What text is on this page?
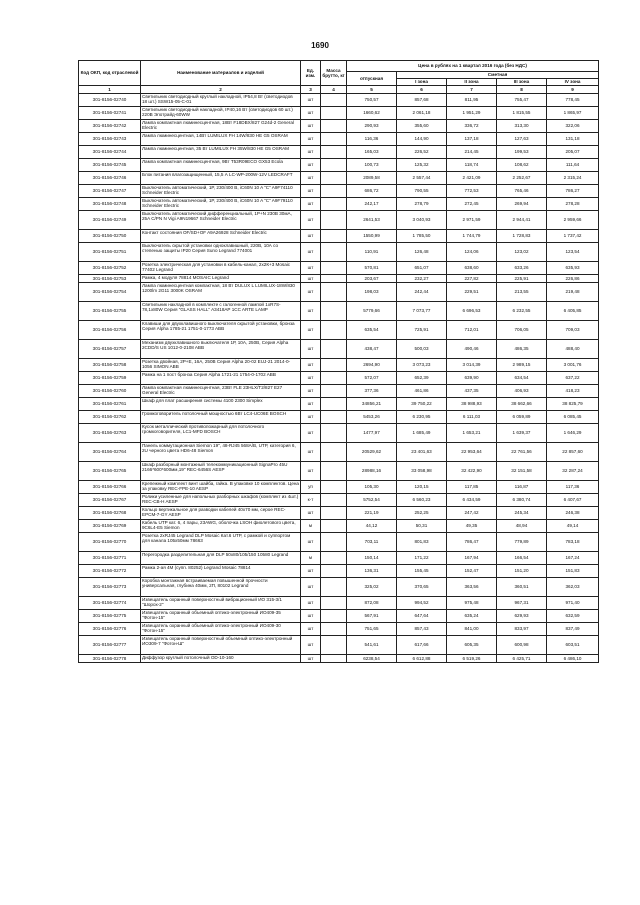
1690
Код ОКП, код отраслевой	Наименование материалов и изделий	Ед. изм.	Масса брутто, кг	Цена в рублях на 1 квартал 2016 года (без НДС)				
				отпускная	Сметная			
					I зона	II зона	III зона	IV зона
1	2	3	4	5	6	7	8	9
301-8156-02740	Светильник светодиодный круглый накладной, IP54,8 Вт (светодиодов 18 шт.) SSW15-05-C-01	шт		750,57	857,68	811,95	755,47	778,45
301-8156-02741	Светильник светодиодный накладной, IP40,16 Вт (светодиодов 60 шт.) 220В Эпотрайд-60WW	шт		1660,62	2 061,18	1 951,29	1 815,55	1 865,97
301-8156-02742	Лампа компактная люминесцентная, 18Вт F18DBX/827 G24d-2 General Electric	шт		290,93	355,60	336,72	313,30	322,06
301-8156-02743	Лампа люминесцентная, 14Вт LUMILUX FH 14W/830 HE G5 OSRAM	шт		116,36	144,90	137,18	127,63	131,18
301-8156-02744	Лампа люминесцентная, 35 Вт LUMILUX FH 35W/830 HE G5 OSRAM	шт		165,03	226,52	214,45	199,53	205,07
301-8156-02745	Лампа компактная люминесцентная, 9Вт T53R09ECO GX53 Ecola	шт		100,73	125,32	118,74	108,62	111,64
301-8156-02746	Блок питания влагозащищенный, 15,5 А LC-WP-200W-12V LEDCRAFT	шт		2089,58	2 557,44	2 421,09	2 252,67	2 315,24
301-8156-02747	Выключатель автоматический, 1P, 230/400 В, iC60N 10 A "C" A9F74110 Schneider Electric	шт		686,72	790,55	772,53	765,46	786,27
301-8156-02748	Выключатель автоматический, 1P, 230/400 В, iC60N 10 A "C" A9F79110 Schneider Electric	шт		242,17	278,79	272,45	269,94	278,28
301-8156-02749	Выключатель автоматический дифференциальный, 1P+N 230В 30мА, 25A C/PN N Vigi A9N19667 Schneider Electric	шт		2641,53	3 040,93	2 971,59	2 944,41	2 959,66
301-8156-02750	Контакт состояния OF/SD+OF A9A26928 Schneider Electric	шт		1550,99	1 785,50	1 744,79	1 728,83	1 737,42
301-8156-02751	Выключатель скрытой установки одноклавишный, 220В, 10А со степенью защиты IP20 Серия Suno Legrand 774001	шт		110,91	126,48	124,06	123,02	123,54
301-8156-02752	Розетка электрическая для установки в кабель-канал, 2х2К+3 Mosaic 77402 Legrand	шт		570,81	651,07	638,60	633,26	635,93
301-8156-02753	Рамка, 4 модуля 78814 MOSAIC Legrand	шт		203,67	232,27	227,82	225,91	226,86
301-8156-02754	Лампа люминесцентная компактная, 18 Вт DULUX L LUMILUX-18W/830 1200lm 2G11 3000K OSRAM	шт		198,03	242,44	229,51	213,55	219,48
301-8156-02755	Светильник накладной в комплекте с галогенной лампой 1хR7S-78,1х80W Серия "GLASS HALL" A3418AP 1CC ARTE LAMP	шт		5779,66	7 073,77	6 696,53	6 232,55	6 405,85
301-8156-02756	Клавиши для двухклавишного выключателя скрытой установки, бронза Серия Alpha 1785-21 1751-0-1773 ABB	шт		635,54	725,91	712,01	706,05	709,03
301-8156-02757	Механизм двухклавишного выключателя 1Р, 10А, 250В, Серия Alpha 2CDD/S US 1012-0-2108 ABB	шт		438,47	500,03	490,46	486,35	488,40
301-8156-02758	Розетка двойная, 2Р+Е, 16А, 250В Серия Alpha 20-02 EUJ-21 2014-0-1056 SIMON ABB	шт		2694,90	3 073,23	3 014,39	2 989,15	3 001,76
301-8156-02759	Рамка на 1 пост бронза Серия Alpha 1721-21 1754-0-1702 ABB	шт		572,07	652,39	639,90	634,54	637,22
301-8156-02760	Лампа компактная люминесцентная, 23Вт FLE 23HLX/T2/827 E27 General Electric	шт		377,36	461,86	437,35	406,93	418,23
301-8156-02761	Шкаф для плат расширения системы 4100 2300 Simplex	шт		34856,21	39 750,22	38 988,93	38 662,66	38 825,79
301-8156-02762	Громкоговоритель потолочный мощностью 6Вт LC4-UC06E BOSCH	шт		5453,26	6 230,95	6 111,03	6 059,89	6 085,45
301-8156-02763	Кусок металлический противопожарный для потолочного громкоговорителя, LC1-MFD BOSCH	шт		1477,97	1 685,49	1 653,21	1 639,37	1 646,29
301-8156-02764	Панель коммутационная Siemon 19", 48-RJ45 568A/B, UTP, категория 6, 2U черного цвета HD6-48 Siemon	шт		20529,62	23 401,63	22 953,64	22 761,56	22 857,60
301-8156-02765	Шкаф разборный монтажный телекоммуникационный SignaPro 45U 2166*600*600мм,19" REC-6456S AESP	шт		28988,16	33 058,98	32 422,90	32 151,58	32 287,24
301-8156-02766	Крепежный комплект винт шайба, гайка. В упаковке 10 комплектов. Цена за упаковку REC-FPE-10 AESP	уп		105,30	120,15	117,85	116,87	117,36
301-8156-02767	Ролики усиленные для напольных разборных шкафов (комплект из 4шт.) REC-CB-H AESP	к-т		5752,54	6 560,23	6 434,59	6 380,74	6 407,67
301-8156-02768	Кольцо вертикальное для разводки кабелей 40х70 мм, серое REC-EPCM-7-GY AESP	шт		221,19	252,25	247,42	245,34	246,38
301-8156-02769	Кабель UTP кат. 6, 4 пары, 23AWG, оболочка LSOH фиолетового цвета, 9C6L4-E5 Siemon	м		44,12	50,31	49,35	48,94	49,14
301-8156-02770	Розетка 2хRJ45 Legrand DLP Mosaic Кат.6 UTP, с рамкой и суппортом для канала 105х50мм 78663	шт		703,11	801,83	786,47	779,89	783,18
301-8156-02771	Перегородка разделительная для DLP 50х80/105/150 10580 Legrand	м		150,14	171,22	167,94	166,54	167,24
301-8156-02772	Рамка 2-ая 4М (супп. 80252) Legrand Mosaic 78814	шт		136,31	155,45	152,47	151,20	151,83
301-8156-02773	Коробка монтажная встраиваемая повышенной прочности универсальная, глубина 40мм, 2П, 80102 Legrand	шт		325,02	370,65	363,56	360,51	362,03
301-8156-02774	Извещатель охранный поверхностный вибрационный ИО 315-3/1 "Шорох-2"	шт		872,08	994,52	975,48	967,31	971,40
301-8156-02775	Извещатель охранный объемный оптико-электронный ИО409-35 "Фотон-15"	шт		567,91	647,64	635,24	629,93	632,59
301-8156-02776	Извещатель охранный объемный оптико-электронный ИО409-30 "Фотон-15"	шт		751,65	857,43	841,00	833,97	837,49
301-8156-02777	Извещатель охранный поверхностный объемный оптико-электронный ИО309-7 "Фотон-Ш"	шт		541,61	617,66	605,35	600,98	603,51
301-8156-02778	Диффузор круглый потолочный OD-10-160	шт		6238,54	6 612,88	6 519,26	6 425,71	6 486,10
